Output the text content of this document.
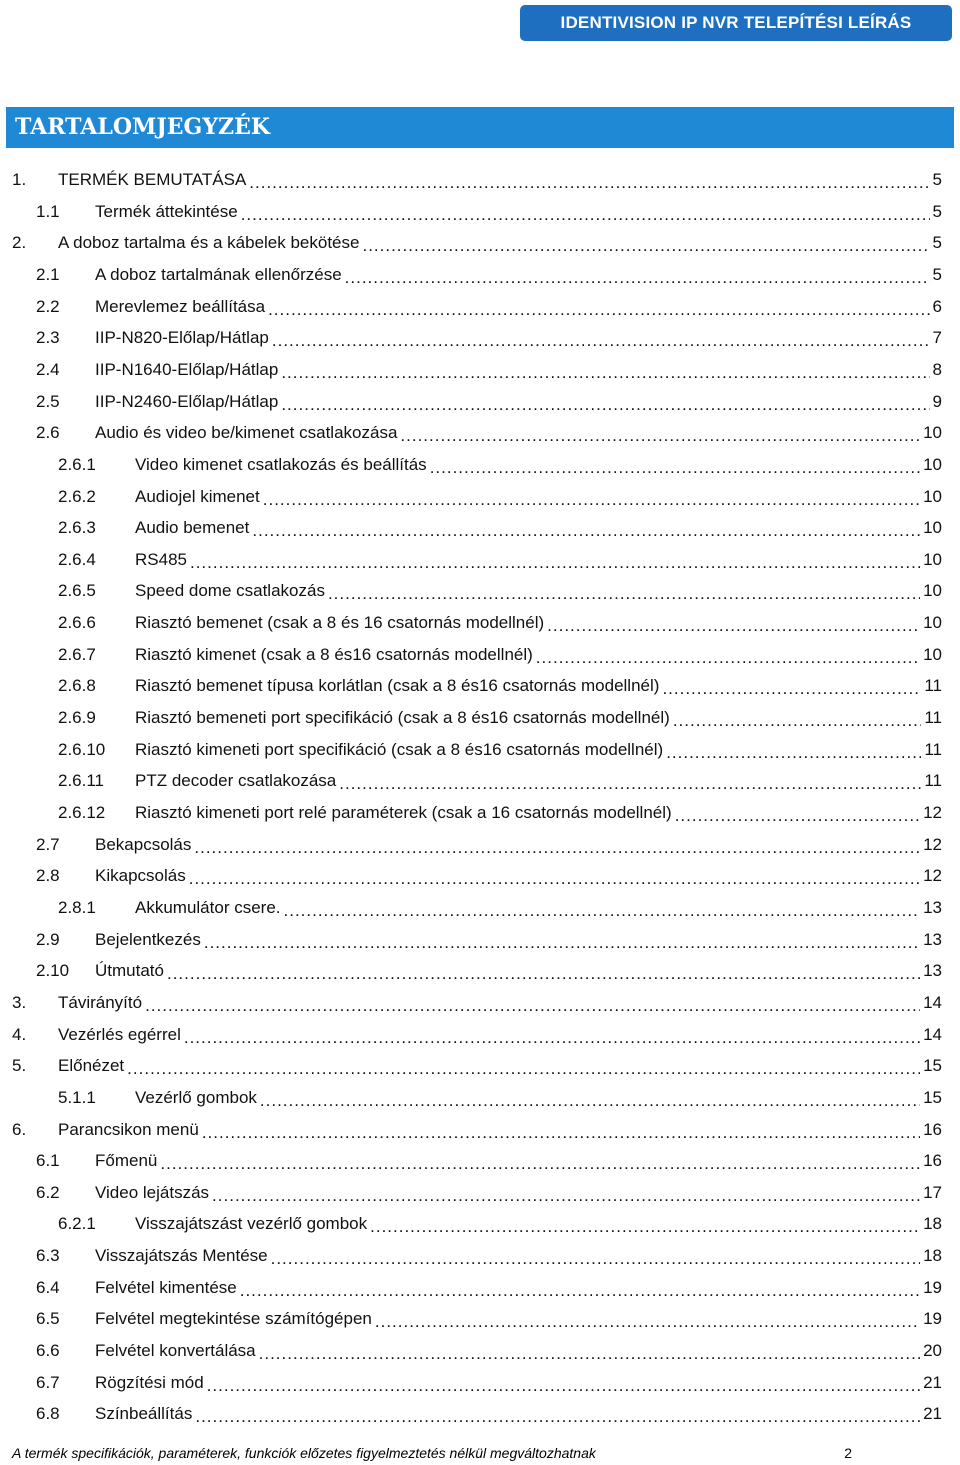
IDENTIVISION IP NVR TELEPÍTÉSI LEÍRÁS
TARTALOMJEGYZÉK
1.	TERMÉK BEMUTATÁSA .....	5
1.1	Termék áttekintése .....	5
2.	A doboz tartalma és a kábelek bekötése .....	5
2.1	A doboz tartalmának ellenőrzése .....	5
2.2	Merevlemez beállítása .....	6
2.3	IIP-N820-Előlap/Hátlap .....	7
2.4	IIP-N1640-Előlap/Hátlap .....	8
2.5	IIP-N2460-Előlap/Hátlap .....	9
2.6	Audio és video be/kimenet csatlakozása .....	10
2.6.1	Video kimenet csatlakozás és beállítás .....	10
2.6.2	Audiojel kimenet .....	10
2.6.3	Audio bemenet .....	10
2.6.4	RS485 .....	10
2.6.5	Speed dome csatlakozás .....	10
2.6.6	Riasztó bemenet (csak a 8 és 16 csatornás modellnél) .....	10
2.6.7	Riasztó kimenet (csak a 8 és16 csatornás modellnél) .....	10
2.6.8	Riasztó bemenet típusa korlátlan (csak a 8 és16 csatornás modellnél) .....	11
2.6.9	Riasztó bemeneti port specifikáció (csak a 8 és16 csatornás modellnél) .....	11
2.6.10	Riasztó kimeneti port specifikáció (csak a 8 és16 csatornás modellnél) .....	11
2.6.11	PTZ decoder csatlakozása .....	11
2.6.12	Riasztó kimeneti port relé paraméterek (csak a 16 csatornás modellnél) .....	12
2.7	Bekapcsolás .....	12
2.8	Kikapcsolás .....	12
2.8.1	Akkumulátor csere. .....	13
2.9	Bejelentkezés .....	13
2.10	Útmutató .....	13
3.	Távirányító .....	14
4.	Vezérlés egérrel .....	14
5.	Előnézet .....	15
5.1.1	Vezérlő gombok .....	15
6.	Parancsikon menü .....	16
6.1	Főmenü .....	16
6.2	Video lejátszás .....	17
6.2.1	Visszajátszást vezérlő gombok .....	18
6.3	Visszajátszás Mentése .....	18
6.4	Felvétel kimentése .....	19
6.5	Felvétel megtekintése számítógépen .....	19
6.6	Felvétel konvertálása .....	20
6.7	Rögzítési mód .....	21
6.8	Színbeállítás .....	21
A termék specifikációk, paraméterek, funkciók előzetes figyelmeztetés nélkül megváltozhatnak	2
